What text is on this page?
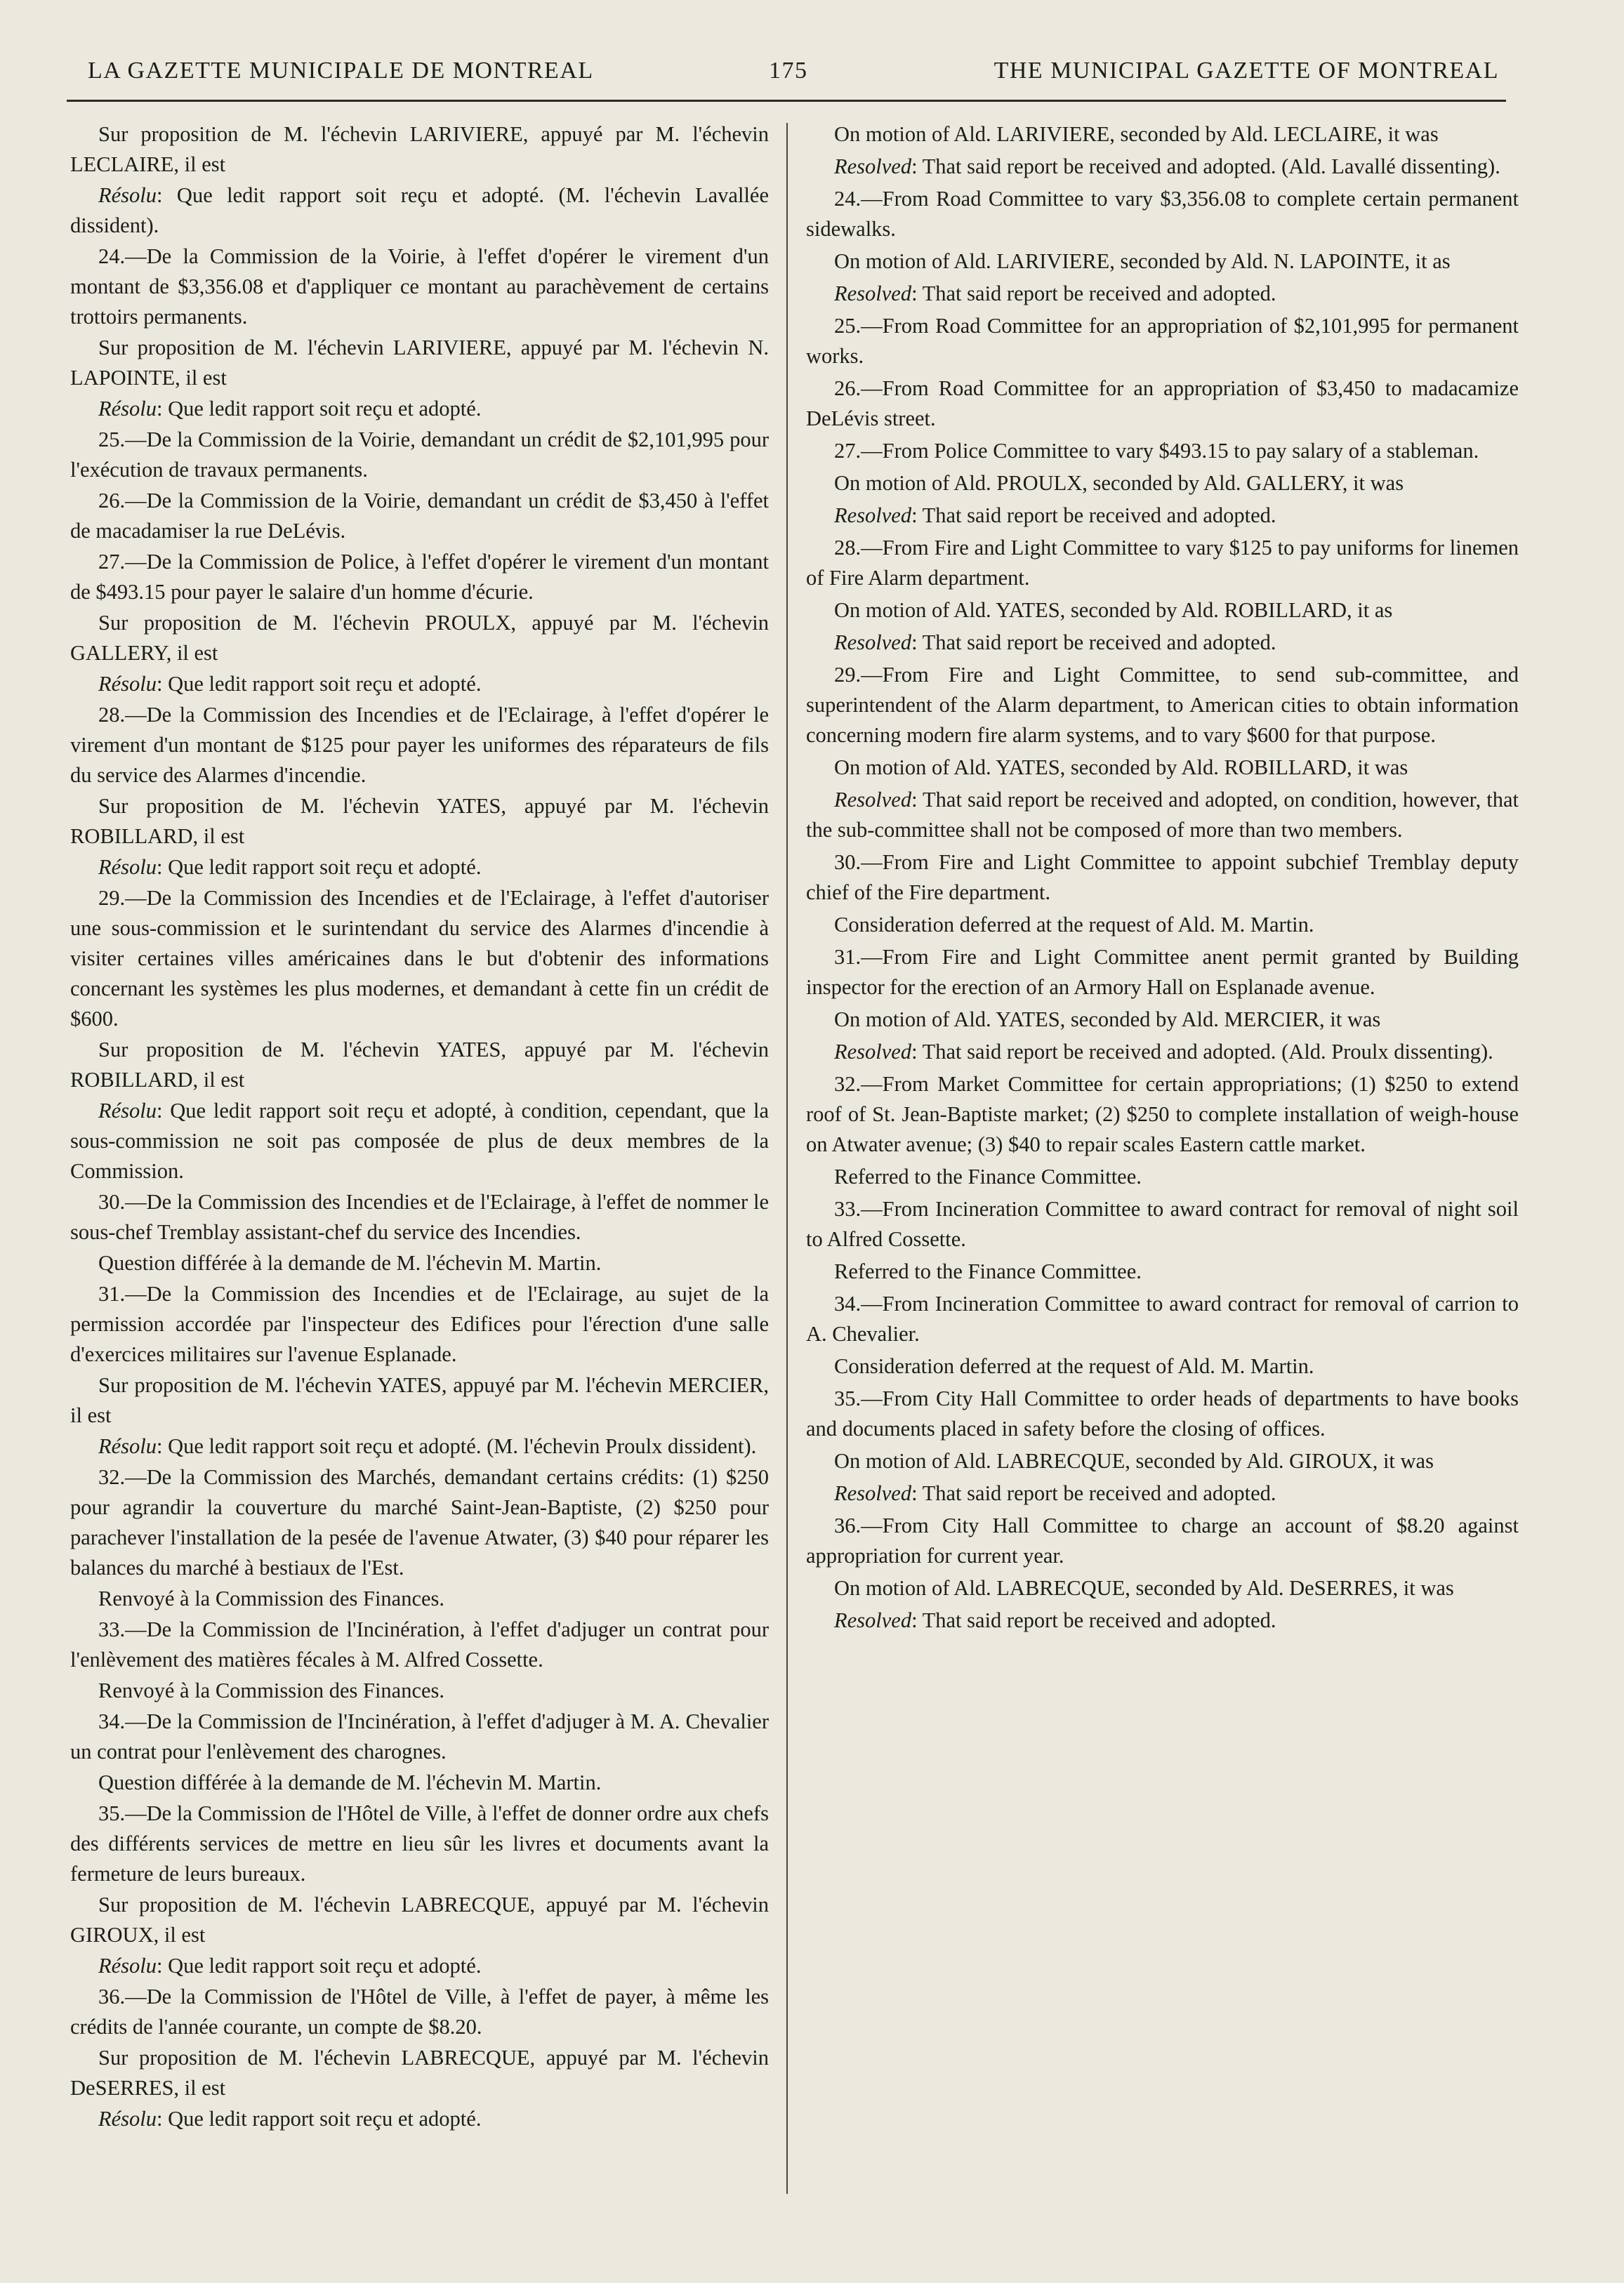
LA GAZETTE MUNICIPALE DE MONTREAL	175	THE MUNICIPAL GAZETTE OF MONTREAL

Sur proposition de M. l'échevin LARIVIERE, appuyé par M. l'échevin LECLAIRE, il est

Résolu: Que ledit rapport soit reçu et adopté. (M. l'échevin Lavallée dissident).

24.—De la Commission de la Voirie, à l'effet d'opérer le virement d'un montant de $3,356.08 et d'appliquer ce montant au parachèvement de certains trottoirs permanents.

Sur proposition de M. l'échevin LARIVIERE, appuyé par M. l'échevin N. LAPOINTE, il est

Résolu: Que ledit rapport soit reçu et adopté.

25.—De la Commission de la Voirie, demandant un crédit de $2,101,995 pour l'exécution de travaux permanents.

26.—De la Commission de la Voirie, demandant un crédit de $3,450 à l'effet de macadamiser la rue DeLévis.

27.—De la Commission de Police, à l'effet d'opérer le virement d'un montant de $493.15 pour payer le salaire d'un homme d'écurie.

Sur proposition de M. l'échevin PROULX, appuyé par M. l'échevin GALLERY, il est

Résolu: Que ledit rapport soit reçu et adopté.

28.—De la Commission des Incendies et de l'Eclairage, à l'effet d'opérer le virement d'un montant de $125 pour payer les uniformes des réparateurs de fils du service des Alarmes d'incendie.

Sur proposition de M. l'échevin YATES, appuyé par M. l'échevin ROBILLARD, il est

Résolu: Que ledit rapport soit reçu et adopté.

29.—De la Commission des Incendies et de l'Eclairage, à l'effet d'autoriser une sous-commission et le surintendant du service des Alarmes d'incendie à visiter certaines villes américaines dans le but d'obtenir des informations concernant les systèmes les plus modernes, et demandant à cette fin un crédit de $600.

Sur proposition de M. l'échevin YATES, appuyé par M. l'échevin ROBILLARD, il est

Résolu: Que ledit rapport soit reçu et adopté, à condition, cependant, que la sous-commission ne soit pas composée de plus de deux membres de la Commission.

30.—De la Commission des Incendies et de l'Eclairage, à l'effet de nommer le sous-chef Tremblay assistant-chef du service des Incendies.

Question différée à la demande de M. l'échevin M. Martin.

31.—De la Commission des Incendies et de l'Eclairage, au sujet de la permission accordée par l'inspecteur des Edifices pour l'érection d'une salle d'exercices militaires sur l'avenue Esplanade.

Sur proposition de M. l'échevin YATES, appuyé par M. l'échevin MERCIER, il est

Résolu: Que ledit rapport soit reçu et adopté. (M. l'échevin Proulx dissident).

32.—De la Commission des Marchés, demandant certains crédits: (1) $250 pour agrandir la couverture du marché Saint-Jean-Baptiste, (2) $250 pour parachever l'installation de la pesée de l'avenue Atwater, (3) $40 pour réparer les balances du marché à bestiaux de l'Est.

Renvoyé à la Commission des Finances.

33.—De la Commission de l'Incinération, à l'effet d'adjuger un contrat pour l'enlèvement des matières fécales à M. Alfred Cossette.

Renvoyé à la Commission des Finances.

34.—De la Commission de l'Incinération, à l'effet d'adjuger à M. A. Chevalier un contrat pour l'enlèvement des charognes.

Question différée à la demande de M. l'échevin M. Martin.

35.—De la Commission de l'Hôtel de Ville, à l'effet de donner ordre aux chefs des différents services de mettre en lieu sûr les livres et documents avant la fermeture de leurs bureaux.

Sur proposition de M. l'échevin LABRECQUE, appuyé par M. l'échevin GIROUX, il est

Résolu: Que ledit rapport soit reçu et adopté.

36.—De la Commission de l'Hôtel de Ville, à l'effet de payer, à même les crédits de l'année courante, un compte de $8.20.

Sur proposition de M. l'échevin LABRECQUE, appuyé par M. l'échevin DeSERRES, il est

Résolu: Que ledit rapport soit reçu et adopté.

On motion of Ald. LARIVIERE, seconded by Ald. LECLAIRE, it was

Resolved: That said report be received and adopted. (Ald. Lavallé dissenting).

24.—From Road Committee to vary $3,356.08 to complete certain permanent sidewalks.

On motion of Ald. LARIVIERE, seconded by Ald. N. LAPOINTE, it as

Resolved: That said report be received and adopted.

25.—From Road Committee for an appropriation of $2,101,995 for permanent works.

26.—From Road Committee for an appropriation of $3,450 to madacamize DeLévis street.

27.—From Police Committee to vary $493.15 to pay salary of a stableman.

On motion of Ald. PROULX, seconded by Ald. GALLERY, it was

Resolved: That said report be received and adopted.

28.—From Fire and Light Committee to vary $125 to pay uniforms for linemen of Fire Alarm department.

On motion of Ald. YATES, seconded by Ald. ROBILLARD, it as

Resolved: That said report be received and adopted.

29.—From Fire and Light Committee, to send sub-committee, and superintendent of the Alarm department, to American cities to obtain information concerning modern fire alarm systems, and to vary $600 for that purpose.

On motion of Ald. YATES, seconded by Ald. ROBILLARD, it was

Resolved: That said report be received and adopted, on condition, however, that the sub-committee shall not be composed of more than two members.

30.—From Fire and Light Committee to appoint subchief Tremblay deputy chief of the Fire department.

Consideration deferred at the request of Ald. M. Martin.

31.—From Fire and Light Committee anent permit granted by Building inspector for the erection of an Armory Hall on Esplanade avenue.

On motion of Ald. YATES, seconded by Ald. MERCIER, it was

Resolved: That said report be received and adopted. (Ald. Proulx dissenting).

32.—From Market Committee for certain appropriations; (1) $250 to extend roof of St. Jean-Baptiste market; (2) $250 to complete installation of weigh-house on Atwater avenue; (3) $40 to repair scales Eastern cattle market.

Referred to the Finance Committee.

33.—From Incineration Committee to award contract for removal of night soil to Alfred Cossette.

Referred to the Finance Committee.

34.—From Incineration Committee to award contract for removal of carrion to A. Chevalier.

Consideration deferred at the request of Ald. M. Martin.

35.—From City Hall Committee to order heads of departments to have books and documents placed in safety before the closing of offices.

On motion of Ald. LABRECQUE, seconded by Ald. GIROUX, it was

Resolved: That said report be received and adopted.

36.—From City Hall Committee to charge an account of $8.20 against appropriation for current year.

On motion of Ald. LABRECQUE, seconded by Ald. DeSERRES, it was

Resolved: That said report be received and adopted.
